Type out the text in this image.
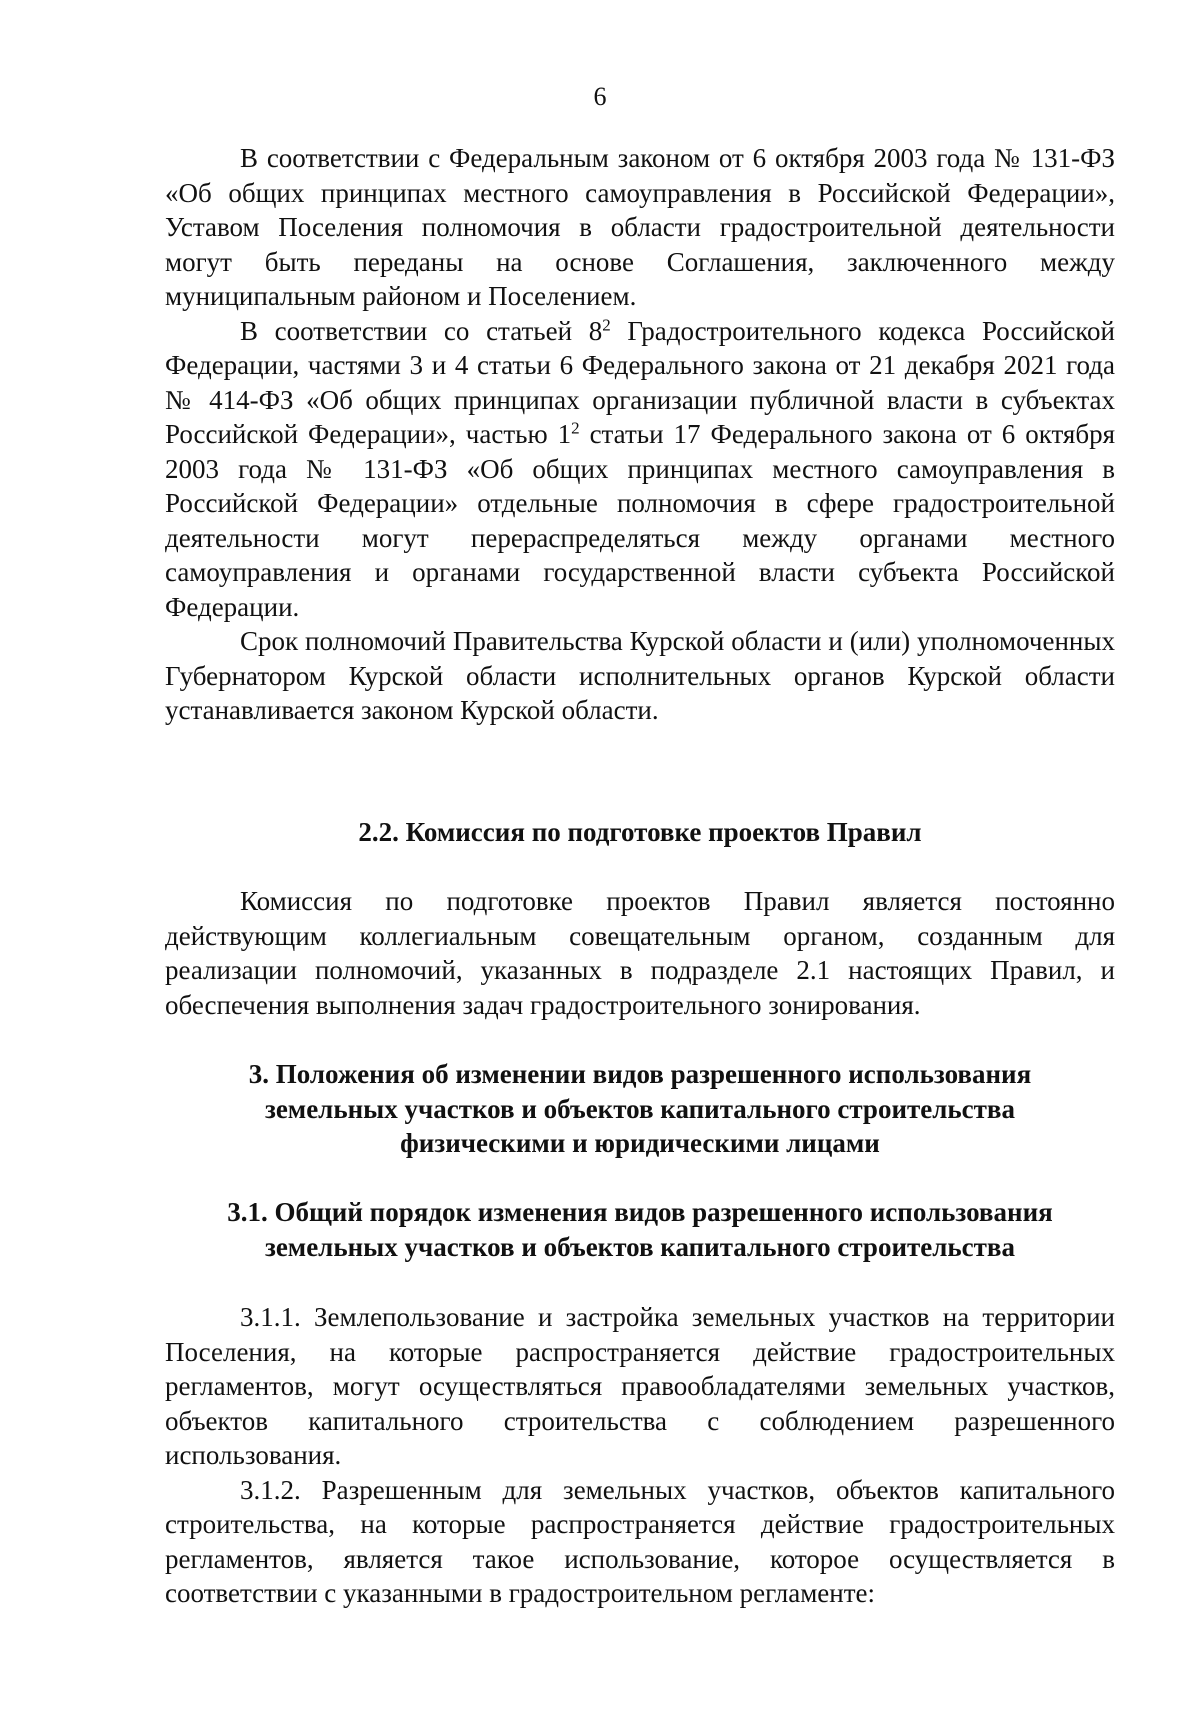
6

В соответствии с Федеральным законом от 6 октября 2003 года № 131-ФЗ «Об общих принципах местного самоуправления в Российской Федерации», Уставом Поселения полномочия в области градостроительной деятельности могут быть переданы на основе Соглашения, заключенного между муниципальным районом и Поселением.

В соответствии со статьей $8^2$ Градостроительного кодекса Российской Федерации, частями 3 и 4 статьи 6 Федерального закона от 21 декабря 2021 года № 414-ФЗ «Об общих принципах организации публичной власти в субъектах Российской Федерации», частью $1^2$ статьи 17 Федерального закона от 6 октября 2003 года № 131-ФЗ «Об общих принципах местного самоуправления в Российской Федерации» отдельные полномочия в сфере градостроительной деятельности могут перераспределяться между органами местного самоуправления и органами государственной власти субъекта Российской Федерации.

Срок полномочий Правительства Курской области и (или) уполномоченных Губернатором Курской области исполнительных органов Курской области устанавливается законом Курской области.

2.2. Комиссия по подготовке проектов Правил

Комиссия по подготовке проектов Правил является постоянно действующим коллегиальным совещательным органом, созданным для реализации полномочий, указанных в подразделе 2.1 настоящих Правил, и обеспечения выполнения задач градостроительного зонирования.

3. Положения об изменении видов разрешенного использования
земельных участков и объектов капитального строительства
физическими и юридическими лицами
3.1. Общий порядок изменения видов разрешенного использования
земельных участков и объектов капитального строительства

3.1.1. Землепользование и застройка земельных участков на территории Поселения, на которые распространяется действие градостроительных регламентов, могут осуществляться правообладателями земельных участков, объектов капитального строительства с соблюдением разрешенного использования.

3.1.2. Разрешенным для земельных участков, объектов капитального строительства, на которые распространяется действие градостроительных регламентов, является такое использование, которое осуществляется в соответствии с указанными в градостроительном регламенте:
